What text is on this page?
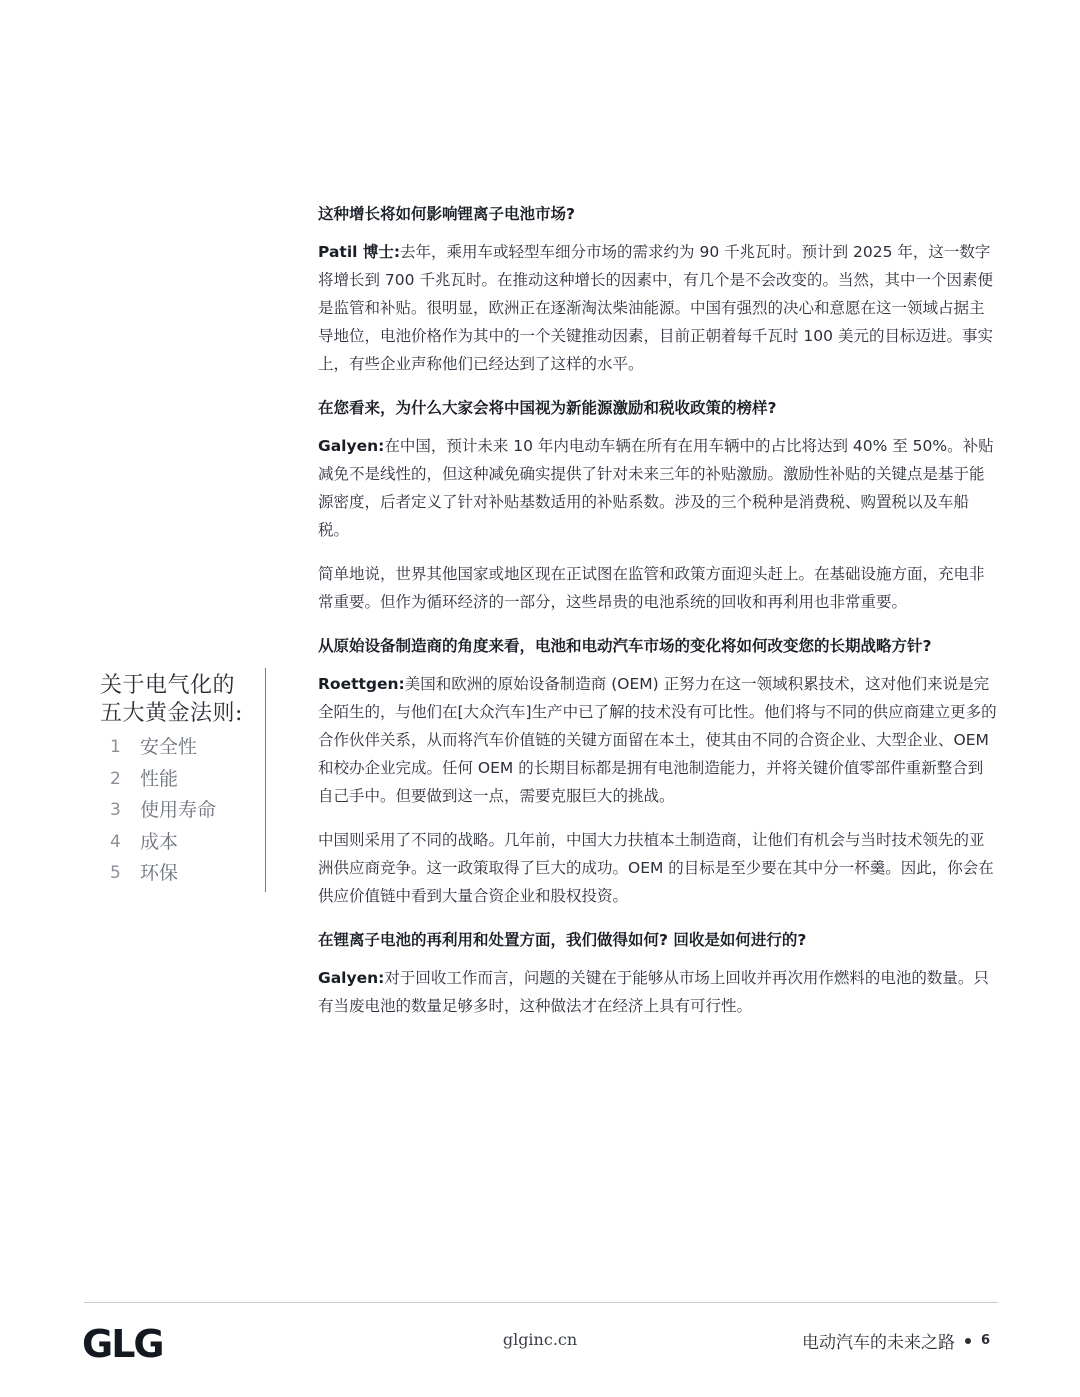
这种增长将如何影响锂离子电池市场?

Patil 博士:去年，乘用车或轻型车细分市场的需求约为 90 千兆瓦时。预计到 2025 年，这一数字将增长到 700 千兆瓦时。在推动这种增长的因素中，有几个是不会改变的。当然，其中一个因素便是监管和补贴。很明显，欧洲正在逐渐淘汰柴油能源。中国有强烈的决心和意愿在这一领域占据主导地位，电池价格作为其中的一个关键推动因素，目前正朝着每千瓦时 100 美元的目标迈进。事实上，有些企业声称他们已经达到了这样的水平。

在您看来，为什么大家会将中国视为新能源激励和税收政策的榜样?

Galyen:在中国，预计未来 10 年内电动车辆在所有在用车辆中的占比将达到 40% 至 50%。补贴减免不是线性的，但这种减免确实提供了针对未来三年的补贴激励。激励性补贴的关键点是基于能源密度，后者定义了针对补贴基数适用的补贴系数。涉及的三个税种是消费税、购置税以及车船税。

简单地说，世界其他国家或地区现在正试图在监管和政策方面迎头赶上。在基础设施方面，充电非常重要。但作为循环经济的一部分，这些昂贵的电池系统的回收和再利用也非常重要。

从原始设备制造商的角度来看，电池和电动汽车市场的变化将如何改变您的长期战略方针?

Roettgen:美国和欧洲的原始设备制造商 (OEM) 正努力在这一领域积累技术，这对他们来说是完全陌生的，与他们在[大众汽车]生产中已了解的技术没有可比性。他们将与不同的供应商建立更多的合作伙伴关系，从而将汽车价值链的关键方面留在本土，使其由不同的合资企业、大型企业、OEM 和校办企业完成。任何 OEM 的长期目标都是拥有电池制造能力，并将关键价值零部件重新整合到自己手中。但要做到这一点，需要克服巨大的挑战。

中国则采用了不同的战略。几年前，中国大力扶植本土制造商，让他们有机会与当时技术领先的亚洲供应商竞争。这一政策取得了巨大的成功。OEM 的目标是至少要在其中分一杯羹。因此，你会在供应价值链中看到大量合资企业和股权投资。

在锂离子电池的再利用和处置方面，我们做得如何? 回收是如何进行的?

Galyen:对于回收工作而言，问题的关键在于能够从市场上回收并再次用作燃料的电池的数量。只有当废电池的数量足够多时，这种做法才在经济上具有可行性。

关于电气化的
五大黄金法则:
1	安全性
2	性能
3	使用寿命
4	成本
5	环保
GLG	glginc.cn	电动汽车的未来之路 6
